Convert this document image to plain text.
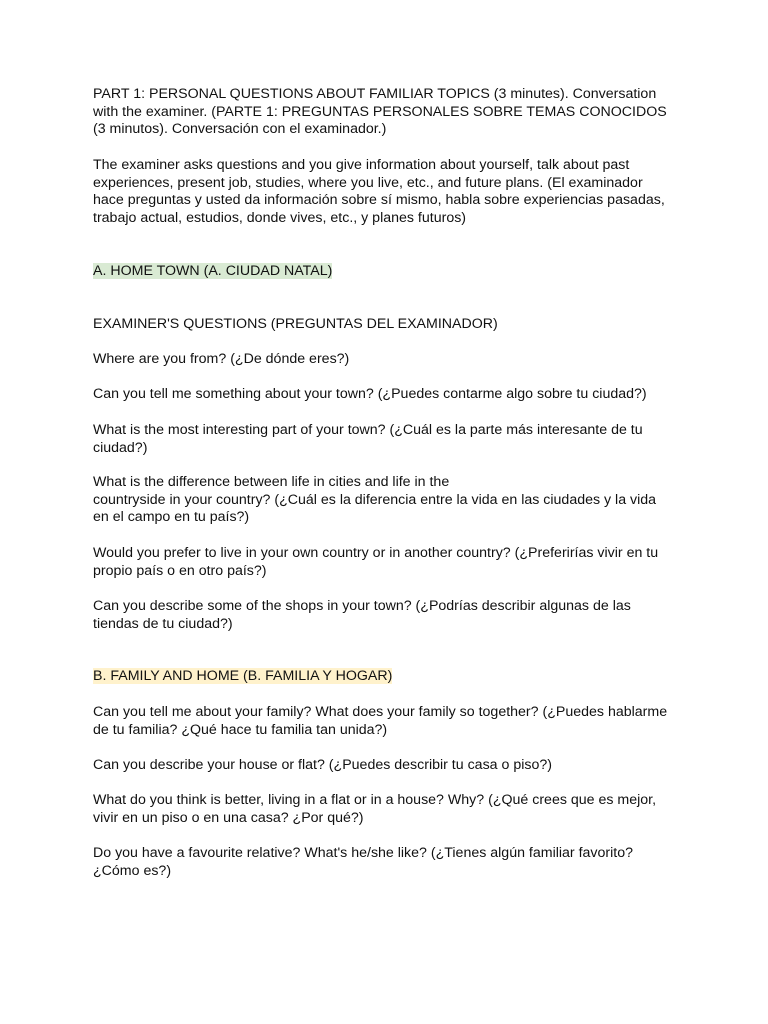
PART 1: PERSONAL QUESTIONS ABOUT FAMILIAR TOPICS (3 minutes). Conversation
with the examiner. (PARTE 1: PREGUNTAS PERSONALES SOBRE TEMAS CONOCIDOS
(3 minutos). Conversación con el examinador.)

The examiner asks questions and you give information about yourself, talk about past
experiences, present job, studies, where you live, etc., and future plans. (El examinador
hace preguntas y usted da información sobre sí mismo, habla sobre experiencias pasadas,
trabajo actual, estudios, donde vives, etc., y planes futuros)

A. HOME TOWN (A. CIUDAD NATAL)

EXAMINER'S QUESTIONS (PREGUNTAS DEL EXAMINADOR)

Where are you from? (¿De dónde eres?)

Can you tell me something about your town? (¿Puedes contarme algo sobre tu ciudad?)

What is the most interesting part of your town? (¿Cuál es la parte más interesante de tu
ciudad?)

What is the difference between life in cities and life in the
countryside in your country? (¿Cuál es la diferencia entre la vida en las ciudades y la vida
en el campo en tu país?)

Would you prefer to live in your own country or in another country? (¿Preferirías vivir en tu
propio país o en otro país?)

Can you describe some of the shops in your town? (¿Podrías describir algunas de las
tiendas de tu ciudad?)

B. FAMILY AND HOME (B. FAMILIA Y HOGAR)

Can you tell me about your family? What does your family so together? (¿Puedes hablarme
de tu familia? ¿Qué hace tu familia tan unida?)

Can you describe your house or flat? (¿Puedes describir tu casa o piso?)

What do you think is better, living in a flat or in a house? Why? (¿Qué crees que es mejor,
vivir en un piso o en una casa? ¿Por qué?)

Do you have a favourite relative? What's he/she like? (¿Tienes algún familiar favorito?
¿Cómo es?)
